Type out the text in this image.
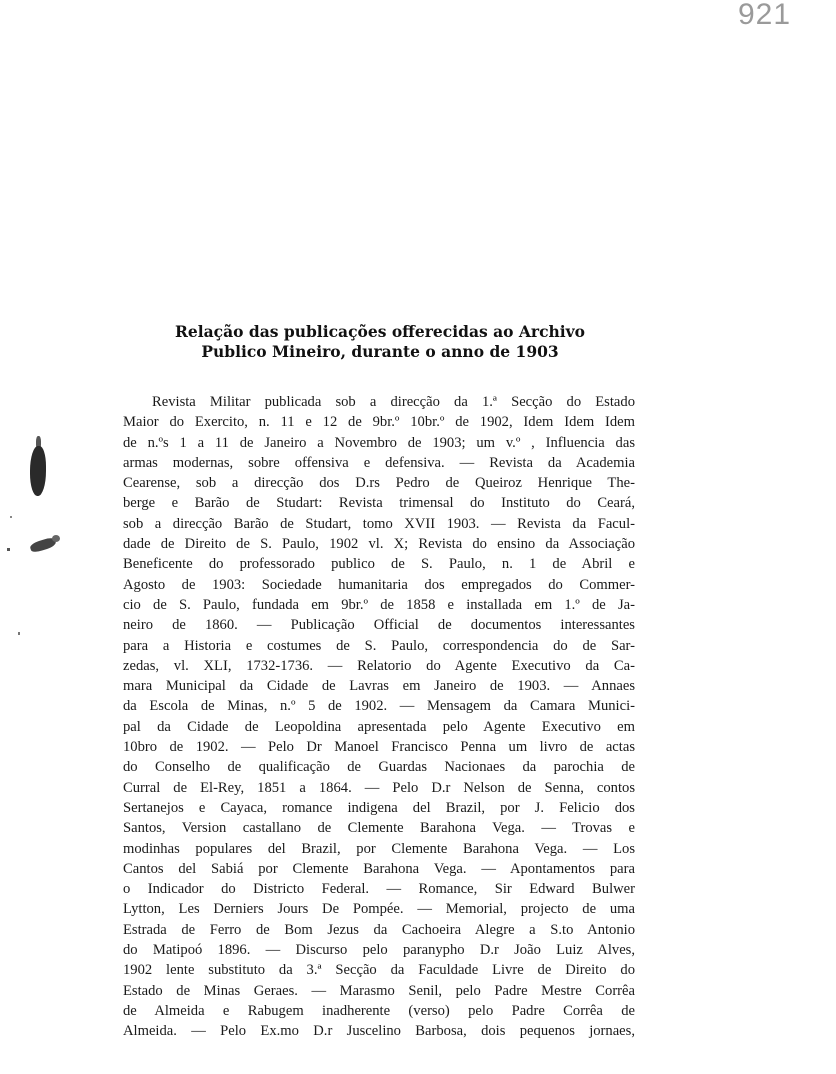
921
Relação das publicações offerecidas ao Archivo
Publico Mineiro, durante o anno de 1903
Revista Militar publicada sob a direcção da 1.ª Secção do Estado
Maior do Exercito, n. 11 e 12 de 9br.º 10br.º de 1902, Idem Idem Idem
de n.ºs 1 a 11 de Janeiro a Novembro de 1903; um v.º , Influencia das
armas modernas, sobre offensiva e defensiva. — Revista da Academia
Cearense, sob a direcção dos D.rs Pedro de Queiroz Henrique The-
berge e Barão de Studart: Revista trimensal do Instituto do Ceará,
sob a direcção Barão de Studart, tomo XVII 1903. — Revista da Facul-
dade de Direito de S. Paulo, 1902 vl. X; Revista do ensino da Associação
Beneficente do professorado publico de S. Paulo, n. 1 de Abril e
Agosto de 1903: Sociedade humanitaria dos empregados do Commer-
cio de S. Paulo, fundada em 9br.º de 1858 e installada em 1.º de Ja-
neiro de 1860. — Publicação Official de documentos interessantes
para a Historia e costumes de S. Paulo, correspondencia do de Sar-
zedas, vl. XLI, 1732-1736. — Relatorio do Agente Executivo da Ca-
mara Municipal da Cidade de Lavras em Janeiro de 1903. — Annaes
da Escola de Minas, n.º 5 de 1902. — Mensagem da Camara Munici-
pal da Cidade de Leopoldina apresentada pelo Agente Executivo em
10bro de 1902. — Pelo Dr Manoel Francisco Penna um livro de actas
do Conselho de qualificação de Guardas Nacionaes da parochia de
Curral de El-Rey, 1851 a 1864. — Pelo D.r Nelson de Senna, contos
Sertanejos e Cayaca, romance indigena del Brazil, por J. Felicio dos
Santos, Version castallano de Clemente Barahona Vega. — Trovas e
modinhas populares del Brazil, por Clemente Barahona Vega. — Los
Cantos del Sabiá por Clemente Barahona Vega. — Apontamentos para
o Indicador do Districto Federal. — Romance, Sir Edward Bulwer
Lytton, Les Derniers Jours De Pompée. — Memorial, projecto de uma
Estrada de Ferro de Bom Jezus da Cachoeira Alegre a S.to Antonio
do Matipoó 1896. — Discurso pelo paranypho D.r João Luiz Alves,
1902 lente substituto da 3.ª Secção da Faculdade Livre de Direito do
Estado de Minas Geraes. — Marasmo Senil, pelo Padre Mestre Corrêa
de Almeida e Rabugem inadherente (verso) pelo Padre Corrêa de
Almeida. — Pelo Ex.mo D.r Juscelino Barbosa, dois pequenos jornaes,
